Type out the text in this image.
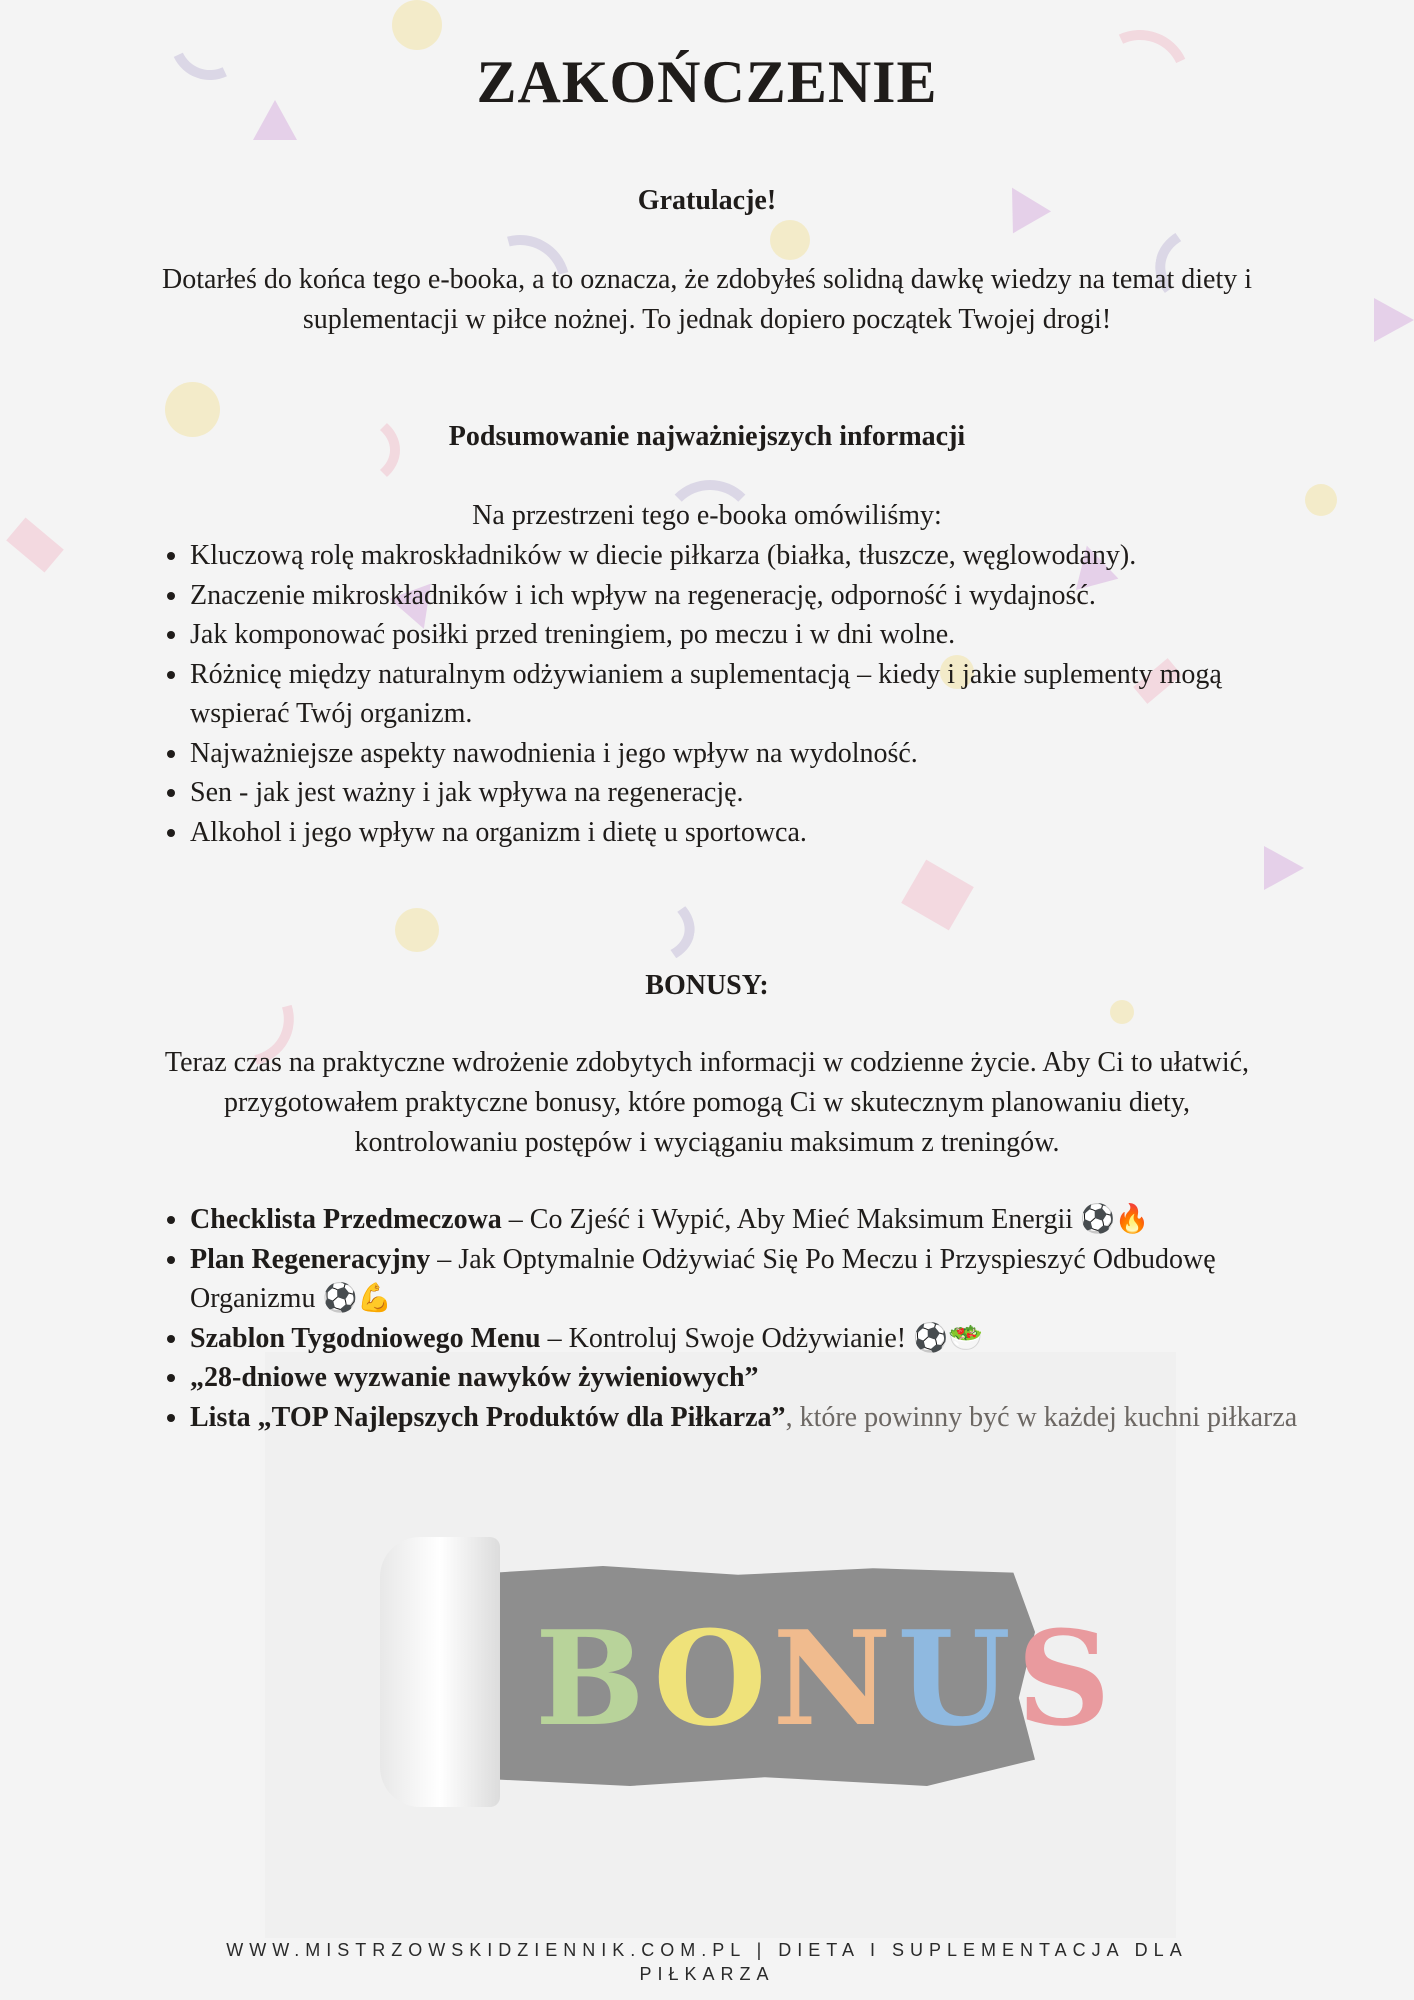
BONUS
ZAKOŃCZENIE

Gratulacje!

Dotarłeś do końca tego e-booka, a to oznacza, że zdobyłeś solidną dawkę wiedzy na temat diety i suplementacji w piłce nożnej. To jednak dopiero początek Twojej drogi!

Podsumowanie najważniejszych informacji

Na przestrzeni tego e-booka omówiliśmy:

• Kluczową rolę makroskładników w diecie piłkarza (białka, tłuszcze, węglowodany).
• Znaczenie mikroskładników i ich wpływ na regenerację, odporność i wydajność.
• Jak komponować posiłki przed treningiem, po meczu i w dni wolne.
• Różnicę między naturalnym odżywianiem a suplementacją – kiedy i jakie suplementy mogą wspierać Twój organizm.
• Najważniejsze aspekty nawodnienia i jego wpływ na wydolność.
• Sen - jak jest ważny i jak wpływa na regenerację.
• Alkohol i jego wpływ na organizm i dietę u sportowca.

BONUSY:

Teraz czas na praktyczne wdrożenie zdobytych informacji w codzienne życie. Aby Ci to ułatwić, przygotowałem praktyczne bonusy, które pomogą Ci w skutecznym planowaniu diety, kontrolowaniu postępów i wyciąganiu maksimum z treningów.

• Checklista Przedmeczowa – Co Zjeść i Wypić, Aby Mieć Maksimum Energii ⚽🔥
• Plan Regeneracyjny – Jak Optymalnie Odżywiać Się Po Meczu i Przyspieszyć Odbudowę Organizmu ⚽💪
• Szablon Tygodniowego Menu – Kontroluj Swoje Odżywianie! ⚽🥗
• „28-dniowe wyzwanie nawyków żywieniowych”
• Lista „TOP Najlepszych Produktów dla Piłkarza”, które powinny być w każdej kuchni piłkarza
WWW.MISTRZOWSKIDZIENNIK.COM.PL | DIETA I SUPLEMENTACJA DLA PIŁKARZA
